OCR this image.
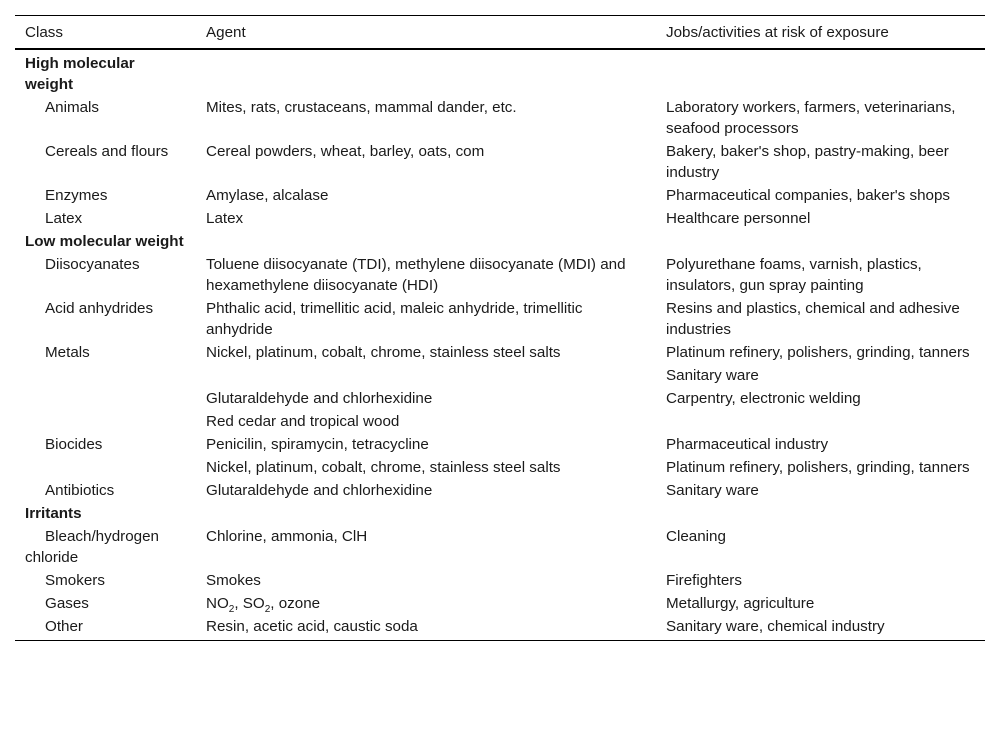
Class	Agent	Jobs/activities at risk of exposure
High molecular weight		
Animals	Mites, rats, crustaceans, mammal dander, etc.	Laboratory workers, farmers, veterinarians, seafood processors
Cereals and flours	Cereal powders, wheat, barley, oats, com	Bakery, baker's shop, pastry-making, beer industry
Enzymes	Amylase, alcalase	Pharmaceutical companies, baker's shops
Latex	Latex	Healthcare personnel
Low molecular weight		
Diisocyanates	Toluene diisocyanate (TDI), methylene diisocyanate (MDI) and hexamethylene diisocyanate (HDI)	Polyurethane foams, varnish, plastics, insulators, gun spray painting
Acid anhydrides	Phthalic acid, trimellitic acid, maleic anhydride, trimellitic anhydride	Resins and plastics, chemical and adhesive industries
Metals	Nickel, platinum, cobalt, chrome, stainless steel salts	Platinum refinery, polishers, grinding, tanners
		Sanitary ware
	Glutaraldehyde and chlorhexidine	Carpentry, electronic welding
	Red cedar and tropical wood	
Biocides	Penicilin, spiramycin, tetracycline	Pharmaceutical industry
	Nickel, platinum, cobalt, chrome, stainless steel salts	Platinum refinery, polishers, grinding, tanners
Antibiotics	Glutaraldehyde and chlorhexidine	Sanitary ware
Irritants		
Bleach/hydrogen chloride	Chlorine, ammonia, ClH	Cleaning
Smokers	Smokes	Firefighters
Gases	$NO_2$, $SO_2$, ozone	Metallurgy, agriculture
Other	Resin, acetic acid, caustic soda	Sanitary ware, chemical industry
